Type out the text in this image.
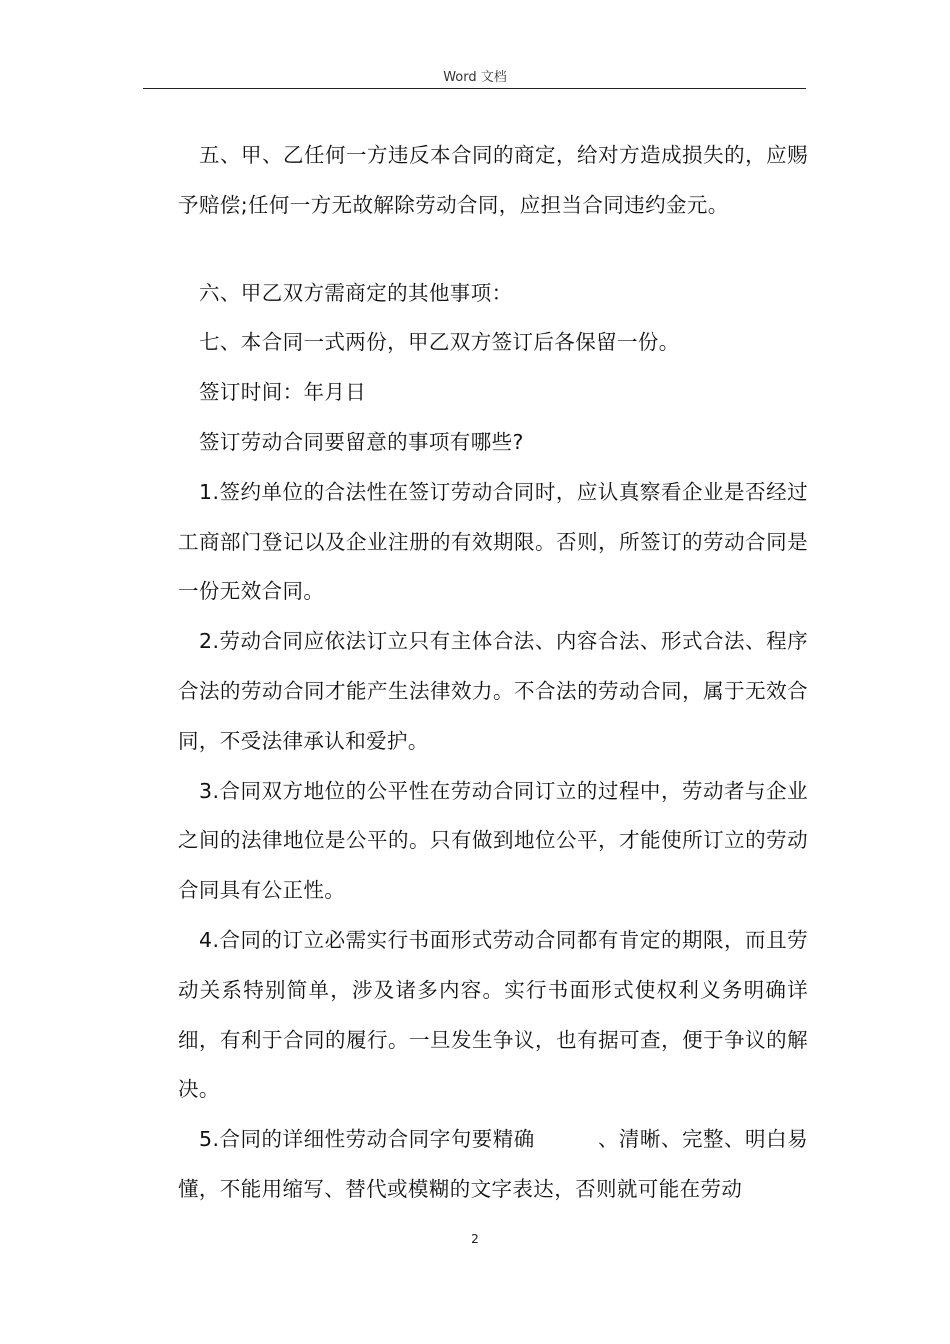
Word 文档

五、甲、乙任何一方违反本合同的商定，给对方造成损失的，应赐予赔偿;任何一方无故解除劳动合同，应担当合同违约金元。

六、甲乙双方需商定的其他事项：

七、本合同一式两份，甲乙双方签订后各保留一份。

签订时间：年月日

签订劳动合同要留意的事项有哪些?

1.签约单位的合法性在签订劳动合同时，应认真察看企业是否经过工商部门登记以及企业注册的有效期限。否则，所签订的劳动合同是一份无效合同。

2.劳动合同应依法订立只有主体合法、内容合法、形式合法、程序合法的劳动合同才能产生法律效力。不合法的劳动合同，属于无效合同，不受法律承认和爱护。

3.合同双方地位的公平性在劳动合同订立的过程中，劳动者与企业之间的法律地位是公平的。只有做到地位公平，才能使所订立的劳动合同具有公正性。

4.合同的订立必需实行书面形式劳动合同都有肯定的期限，而且劳动关系特别简单，涉及诸多内容。实行书面形式使权利义务明确详细，有利于合同的履行。一旦发生争议，也有据可查，便于争议的解决。

5.合同的详细性劳动合同字句要精确　　　、清晰、完整、明白易懂，不能用缩写、替代或模糊的文字表达，否则就可能在劳动

2
